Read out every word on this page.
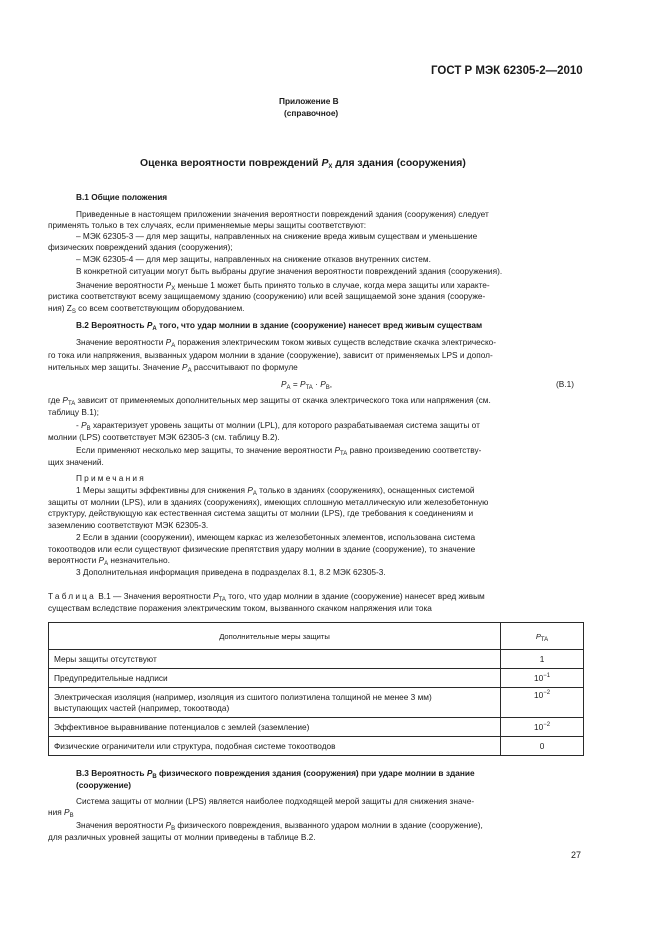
ГОСТ Р МЭК 62305-2—2010
Приложение В
(справочное)
Оценка вероятности повреждений $P_X$ для здания (сооружения)
В.1 Общие положения
Приведенные в настоящем приложении значения вероятности повреждений здания (сооружения) следует
применять только в тех случаях, если применяемые меры защиты соответствуют:
– МЭК 62305-3 — для мер защиты, направленных на снижение вреда живым существам и уменьшение
физических повреждений здания (сооружения);
– МЭК 62305-4 — для мер защиты, направленных на снижение отказов внутренних систем.
В конкретной ситуации могут быть выбраны другие значения вероятности повреждений здания (сооружения).
Значение вероятности $P_X$ меньше 1 может быть принято только в случае, когда мера защиты или характе-
ристика соответствуют всему защищаемому зданию (сооружению) или всей защищаемой зоне здания (сооруже-
ния) $Z_S$ со всем соответствующим оборудованием.
В.2 Вероятность $P_A$ того, что удар молнии в здание (сооружение) нанесет вред живым существам
Значение вероятности $P_A$ поражения электрическим током живых существ вследствие скачка электрическо-
го тока или напряжения, вызванных ударом молнии в здание (сооружение), зависит от применяемых LPS и допол-
нительных мер защиты. Значение $P_A$ рассчитывают по формуле
$P_A = P_{TA} \cdot P_B$,	(В.1)
где $P_{TA}$ зависит от применяемых дополнительных мер защиты от скачка электрического тока или напряжения (см.
таблицу В.1);
- $P_B$ характеризует уровень защиты от молнии (LPL), для которого разрабатываемая система защиты от
молнии (LPS) соответствует МЭК 62305-3 (см. таблицу В.2).
Если применяют несколько мер защиты, то значение вероятности $P_{TA}$ равно произведению соответству-
щих значений.
Примечания
1 Меры защиты эффективны для снижения $P_A$ только в зданиях (сооружениях), оснащенных системой
защиты от молнии (LPS), или в зданиях (сооружениях), имеющих сплошную металлическую или железобетонную
структуру, действующую как естественная система защиты от молнии (LPS), где требования к соединениям и
заземлению соответствуют МЭК 62305-3.
2 Если в здании (сооружении), имеющем каркас из железобетонных элементов, использована система
токоотводов или если существуют физические препятствия удару молнии в здание (сооружение), то значение
вероятности $P_A$ незначительно.
3 Дополнительная информация приведена в подразделах 8.1, 8.2 МЭК 62305-3.
Таблица В.1 — Значения вероятности $P_{TA}$ того, что удар молнии в здание (сооружение) нанесет вред живым
существам вследствие поражения электрическим током, вызванного скачком напряжения или тока
Дополнительные меры защиты	$P_{TA}$
Меры защиты отсутствуют	1
Предупредительные надписи	$10^{-1}$
Электрическая изоляция (например, изоляция из сшитого полиэтилена толщиной не менее 3 мм)
выступающих частей (например, токоотвода)	$10^{-2}$
Эффективное выравнивание потенциалов с землей (заземление)	$10^{-2}$
Физические ограничители или структура, подобная системе токоотводов	0
В.3 Вероятность $P_B$ физического повреждения здания (сооружения) при ударе молнии в здание
(сооружение)
Система защиты от молнии (LPS) является наиболее подходящей мерой защиты для снижения значе-
ния $P_B$
Значения вероятности $P_B$ физического повреждения, вызванного ударом молнии в здание (сооружение),
для различных уровней защиты от молнии приведены в таблице В.2.
27
